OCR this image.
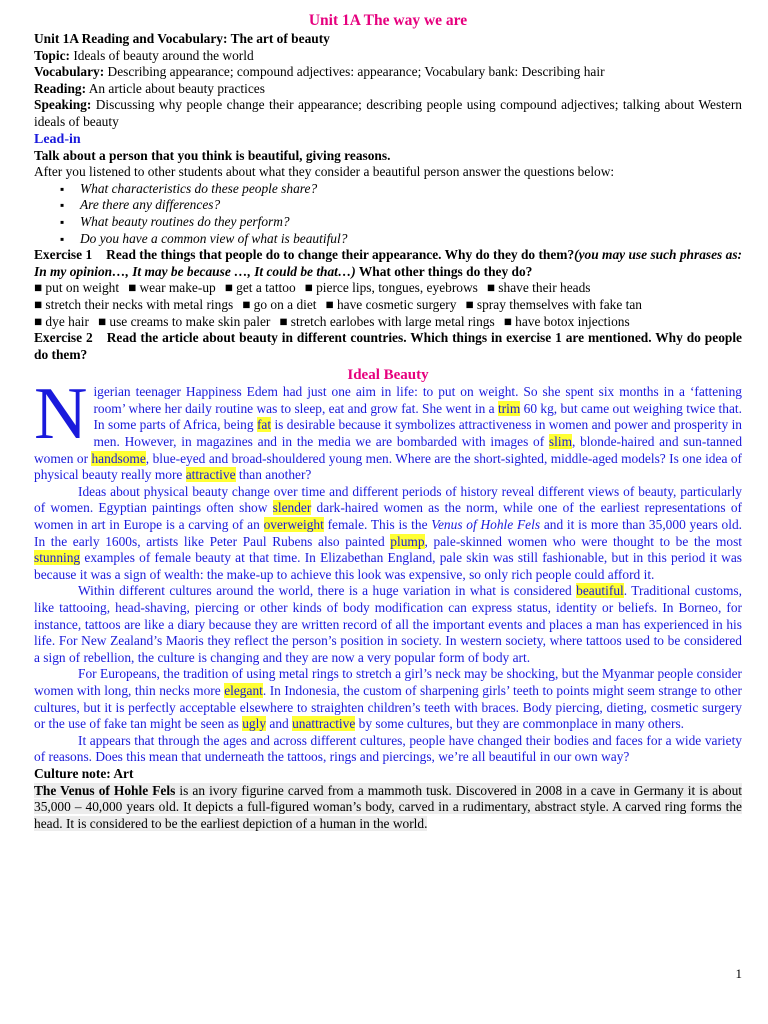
Unit 1A The way we are
Unit 1A Reading and Vocabulary: The art of beauty
Topic: Ideals of beauty around the world
Vocabulary: Describing appearance; compound adjectives: appearance; Vocabulary bank: Describing hair
Reading: An article about beauty practices
Speaking: Discussing why people change their appearance; describing people using compound adjectives; talking about Western ideals of beauty
Lead-in
Talk about a person that you think is beautiful, giving reasons.
After you listened to other students about what they consider a beautiful person answer the questions below:
▪ What characteristics do these people share?
▪ Are there any differences?
▪ What beauty routines do they perform?
▪ Do you have a common view of what is beautiful?
Exercise 1 Read the things that people do to change their appearance. Why do they do them?(you may use such phrases as: In my opinion…, It may be because …, It could be that…) What other things do they do?
■ put on weight ■ wear make-up ■ get a tattoo ■ pierce lips, tongues, eyebrows ■ shave their heads
■ stretch their necks with metal rings ■ go on a diet ■ have cosmetic surgery ■ spray themselves with fake tan
■ dye hair ■ use creams to make skin paler ■ stretch earlobes with large metal rings ■ have botox injections
Exercise 2 Read the article about beauty in different countries. Which things in exercise 1 are mentioned. Why do people do them?
Ideal Beauty

Nigerian teenager Happiness Edem had just one aim in life: to put on weight. So she spent six months in a ‘fattening room’ where her daily routine was to sleep, eat and grow fat. She went in a trim 60 kg, but came out weighing twice that. In some parts of Africa, being fat is desirable because it symbolizes attractiveness in women and power and prosperity in men. However, in magazines and in the media we are bombarded with images of slim, blonde-haired and sun-tanned women or handsome, blue-eyed and broad-shouldered young men. Where are the short-sighted, middle-aged models? Is one idea of physical beauty really more attractive than another?

Ideas about physical beauty change over time and different periods of history reveal different views of beauty, particularly of women. Egyptian paintings often show slender dark-haired women as the norm, while one of the earliest representations of women in art in Europe is a carving of an overweight female. This is the Venus of Hohle Fels and it is more than 35,000 years old. In the early 1600s, artists like Peter Paul Rubens also painted plump, pale-skinned women who were thought to be the most stunning examples of female beauty at that time. In Elizabethan England, pale skin was still fashionable, but in this period it was because it was a sign of wealth: the make-up to achieve this look was expensive, so only rich people could afford it.

Within different cultures around the world, there is a huge variation in what is considered beautiful. Traditional customs, like tattooing, head-shaving, piercing or other kinds of body modification can express status, identity or beliefs. In Borneo, for instance, tattoos are like a diary because they are written record of all the important events and places a man has experienced in his life. For New Zealand’s Maoris they reflect the person’s position in society. In western society, where tattoos used to be considered a sign of rebellion, the culture is changing and they are now a very popular form of body art.

For Europeans, the tradition of using metal rings to stretch a girl’s neck may be shocking, but the Myanmar people consider women with long, thin necks more elegant. In Indonesia, the custom of sharpening girls’ teeth to points might seem strange to other cultures, but it is perfectly acceptable elsewhere to straighten children’s teeth with braces. Body piercing, dieting, cosmetic surgery or the use of fake tan might be seen as ugly and unattractive by some cultures, but they are commonplace in many others.

It appears that through the ages and across different cultures, people have changed their bodies and faces for a wide variety of reasons. Does this mean that underneath the tattoos, rings and piercings, we’re all beautiful in our own way?

Culture note: Art
The Venus of Hohle Fels is an ivory figurine carved from a mammoth tusk. Discovered in 2008 in a cave in Germany it is about 35,000 – 40,000 years old. It depicts a full-figured woman’s body, carved in a rudimentary, abstract style. A carved ring forms the head. It is considered to be the earliest depiction of a human in the world.
1
